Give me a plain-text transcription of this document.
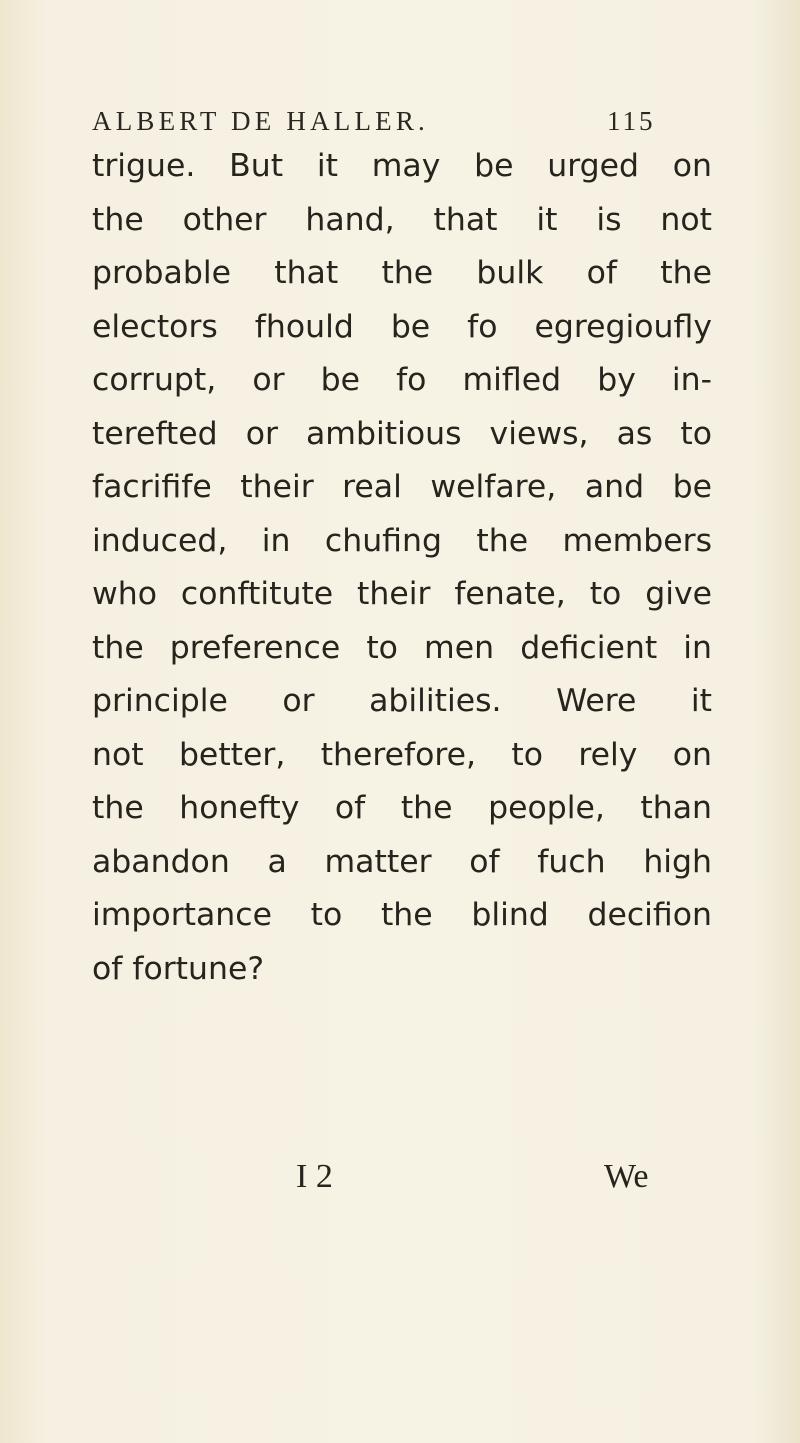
ALBERT DE HALLER.	115
trigue. But it may be urged on
the other hand, that it is not
probable that the bulk of the
electors fhould be fo egregioufly
corrupt, or be fo mifled by in-
terefted or ambitious views, as to
facrifife their real welfare, and be
induced, in chufing the members
who conftitute their fenate, to give
the preference to men deficient in
principle or abilities. Were it
not better, therefore, to rely on
the honefty of the people, than
abandon a matter of fuch high
importance to the blind decifion
of fortune?
I 2	We
